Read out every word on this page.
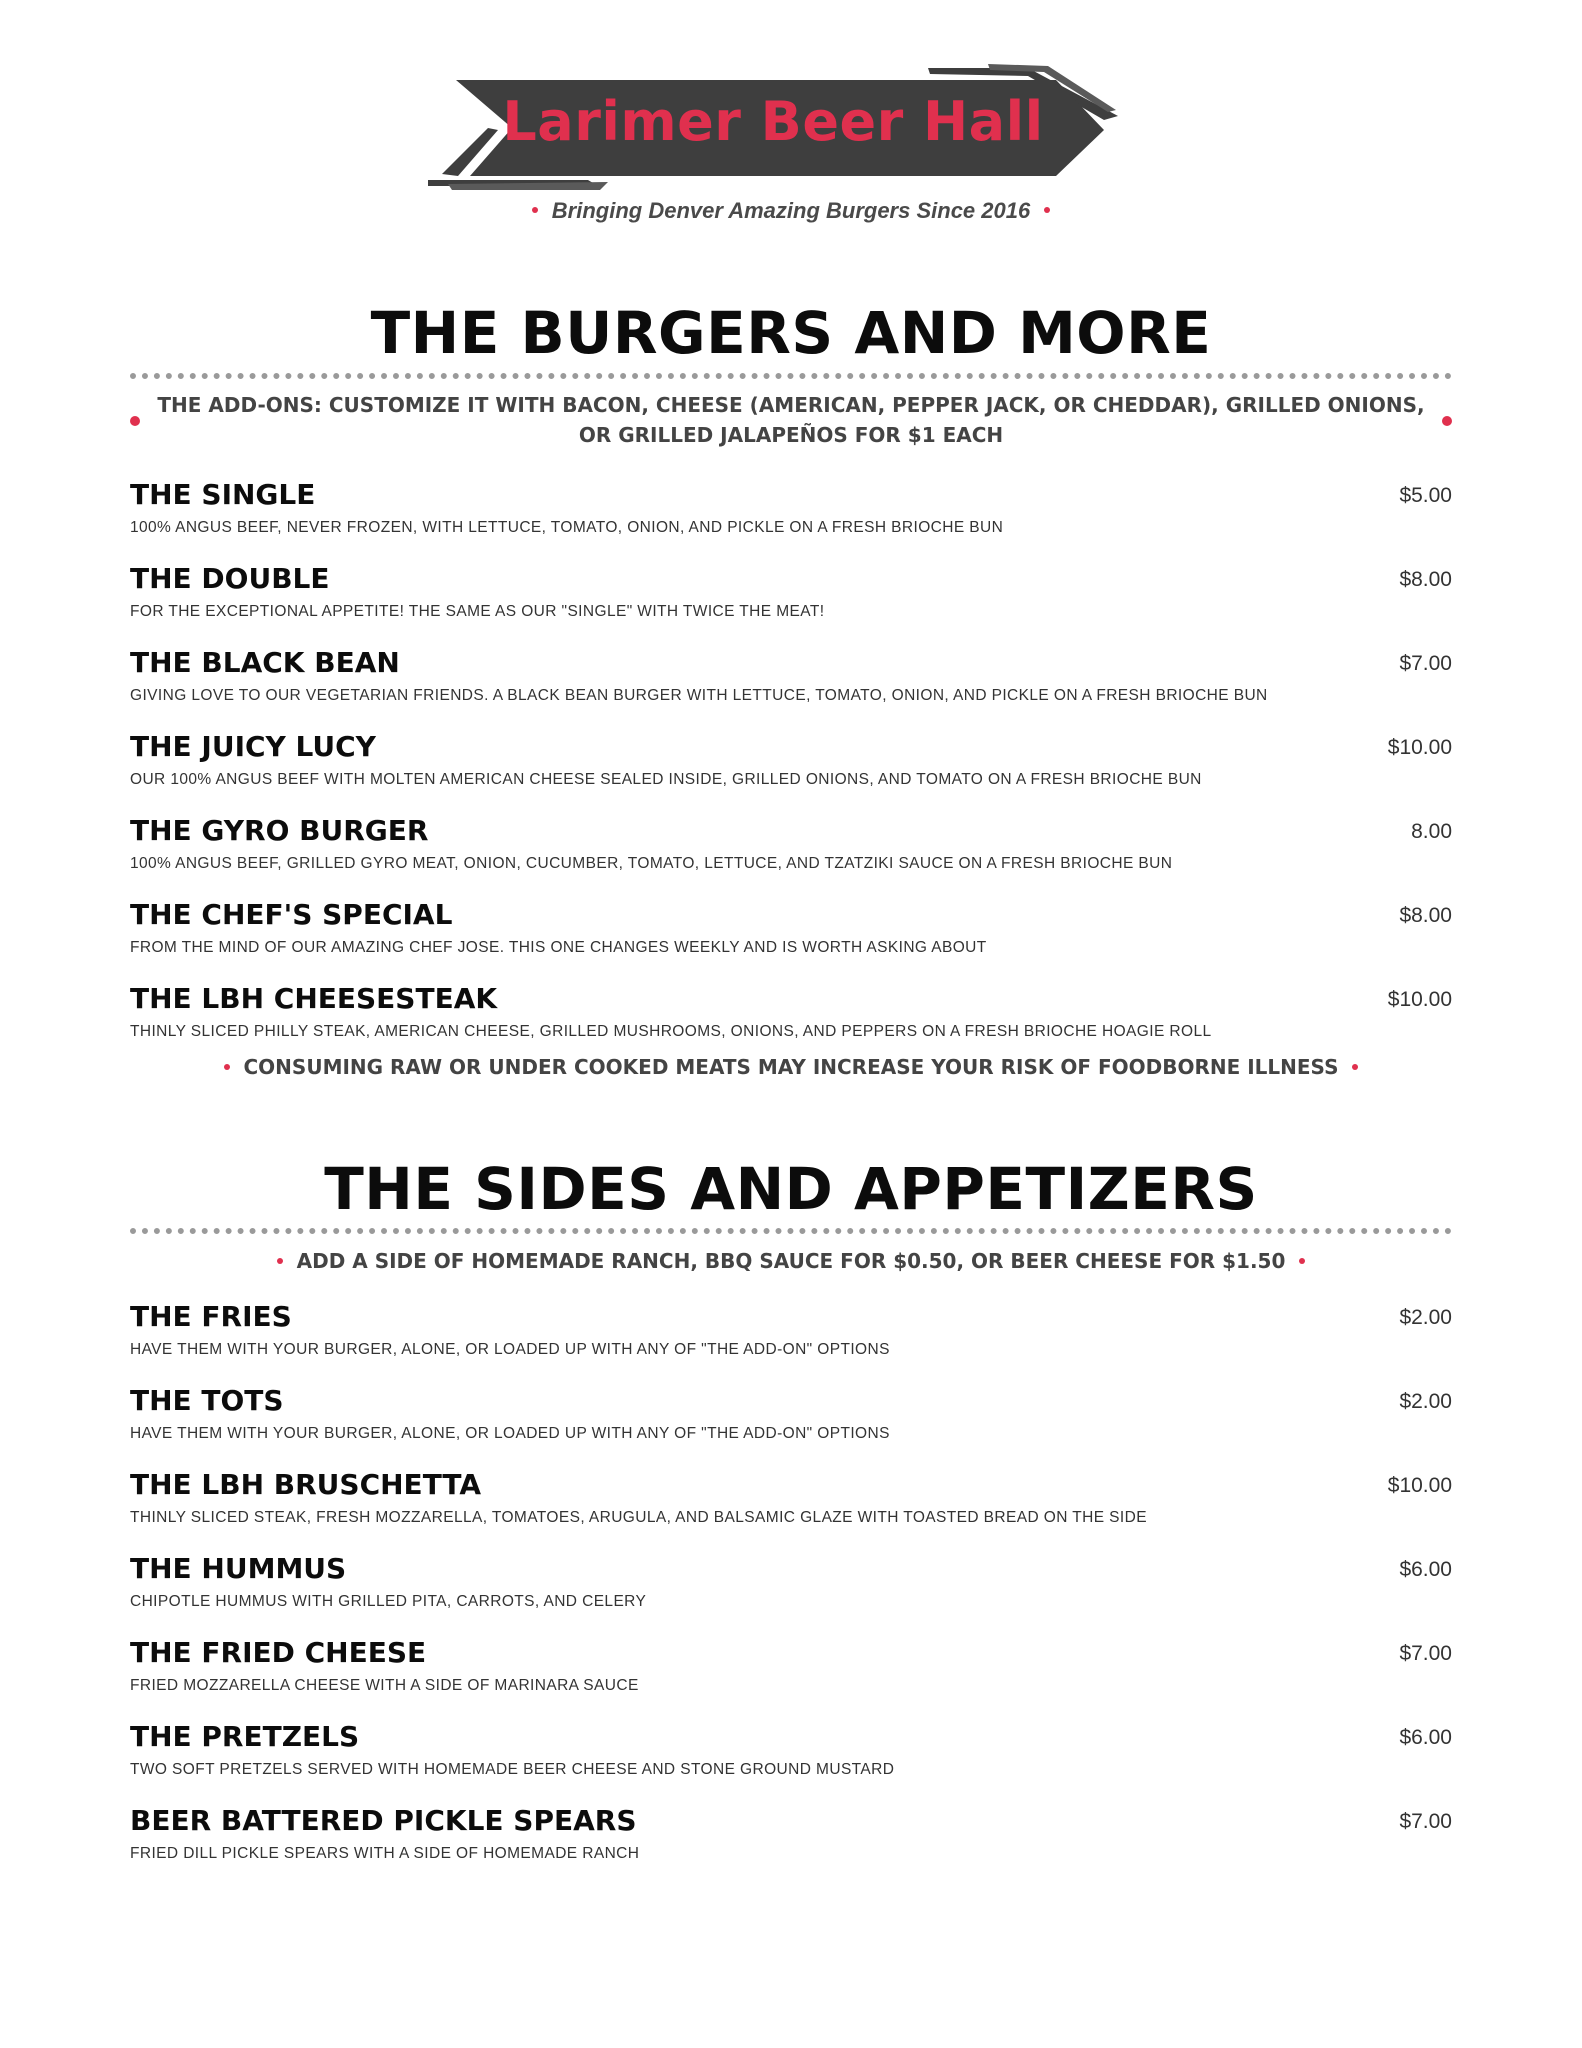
Larimer Beer Hall
Bringing Denver Amazing Burgers Since 2016
THE BURGERS AND MORE
THE ADD-ONS: CUSTOMIZE IT WITH BACON, CHEESE (AMERICAN, PEPPER JACK, OR CHEDDAR), GRILLED ONIONS, OR GRILLED JALAPEÑOS FOR $1 EACH
THE SINGLE
100% ANGUS BEEF, NEVER FROZEN, WITH LETTUCE, TOMATO, ONION, AND PICKLE ON A FRESH BRIOCHE BUN
$5.00
THE DOUBLE
FOR THE EXCEPTIONAL APPETITE! THE SAME AS OUR "SINGLE" WITH TWICE THE MEAT!
$8.00
THE BLACK BEAN
GIVING LOVE TO OUR VEGETARIAN FRIENDS. A BLACK BEAN BURGER WITH LETTUCE, TOMATO, ONION, AND PICKLE ON A FRESH BRIOCHE BUN
$7.00
THE JUICY LUCY
OUR 100% ANGUS BEEF WITH MOLTEN AMERICAN CHEESE SEALED INSIDE, GRILLED ONIONS, AND TOMATO ON A FRESH BRIOCHE BUN
$10.00
THE GYRO BURGER
100% ANGUS BEEF, GRILLED GYRO MEAT, ONION, CUCUMBER, TOMATO, LETTUCE, AND TZATZIKI SAUCE ON A FRESH BRIOCHE BUN
8.00
THE CHEF'S SPECIAL
FROM THE MIND OF OUR AMAZING CHEF JOSE. THIS ONE CHANGES WEEKLY AND IS WORTH ASKING ABOUT
$8.00
THE LBH CHEESESTEAK
THINLY SLICED PHILLY STEAK, AMERICAN CHEESE, GRILLED MUSHROOMS, ONIONS, AND PEPPERS ON A FRESH BRIOCHE HOAGIE ROLL
$10.00
CONSUMING RAW OR UNDER COOKED MEATS MAY INCREASE YOUR RISK OF FOODBORNE ILLNESS
THE SIDES AND APPETIZERS
ADD A SIDE OF HOMEMADE RANCH, BBQ SAUCE FOR $0.50, OR BEER CHEESE FOR $1.50
THE FRIES
HAVE THEM WITH YOUR BURGER, ALONE, OR LOADED UP WITH ANY OF "THE ADD-ON" OPTIONS
$2.00
THE TOTS
HAVE THEM WITH YOUR BURGER, ALONE, OR LOADED UP WITH ANY OF "THE ADD-ON" OPTIONS
$2.00
THE LBH BRUSCHETTA
THINLY SLICED STEAK, FRESH MOZZARELLA, TOMATOES, ARUGULA, AND BALSAMIC GLAZE WITH TOASTED BREAD ON THE SIDE
$10.00
THE HUMMUS
CHIPOTLE HUMMUS WITH GRILLED PITA, CARROTS, AND CELERY
$6.00
THE FRIED CHEESE
FRIED MOZZARELLA CHEESE WITH A SIDE OF MARINARA SAUCE
$7.00
THE PRETZELS
TWO SOFT PRETZELS SERVED WITH HOMEMADE BEER CHEESE AND STONE GROUND MUSTARD
$6.00
BEER BATTERED PICKLE SPEARS
FRIED DILL PICKLE SPEARS WITH A SIDE OF HOMEMADE RANCH
$7.00
